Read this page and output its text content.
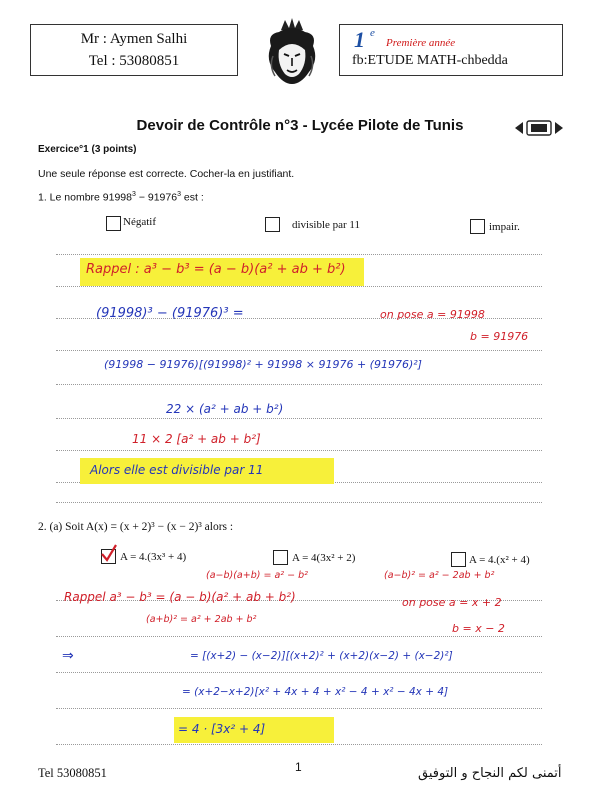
Mr : Aymen Salhi
Tel : 53080851
1 e
Première année
fb:ETUDE MATH-chbedda
Devoir de Contrôle n°3 - Lycée Pilote de Tunis
Exercice°1 (3 points)
Une seule réponse est correcte. Cocher-la en justifiant.
1. Le nombre $91998^3 - 91976^3$ est :
Négatif	divisible par 11	impair.
Rappel : a³ − b³ = (a − b)(a² + ab + b²)
(91998)³ − (91976)³ =	on pose a = 91998
b = 91976
(91998 − 91976)[(91998)² + 91998 × 91976 + (91976)²]
22 × (a² + ab + b²)
11 × 2 [a² + ab + b²]
Alors elle est divisible par 11
2. (a) Soit A(x) = (x + 2)³ − (x − 2)³ alors :
A = 4.(3x³ + 4)	A = 4(3x² + 2)	A = 4.(x² + 4)
(a−b)(a+b) = a² − b²	(a−b)² = a² − 2ab + b²
Rappel a³ − b³ = (a − b)(a² + ab + b²)
(a+b)² = a² + 2ab + b²
on pose a = x + 2
b = x − 2
⇒	= [(x+2) − (x−2)][(x+2)² + (x+2)(x−2) + (x−2)²]
= (x+2−x+2)[x² + 4x + 4 + x² − 4 + x² − 4x + 4]
= 4 · [3x² + 4]
Tel 53080851	1	أتمنى لكم النجاح و التوفيق
